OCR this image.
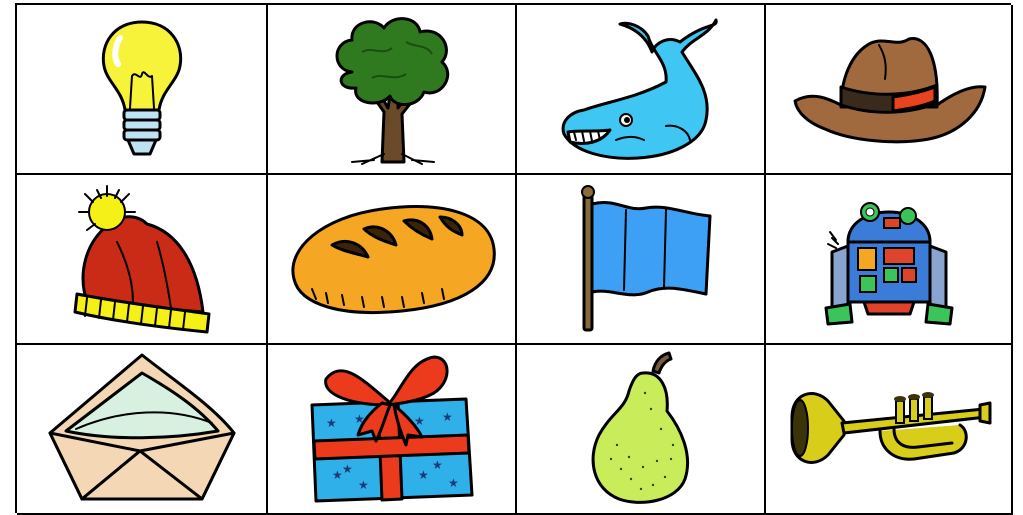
★ ★	★ ★
★
★
★
★
★	★
